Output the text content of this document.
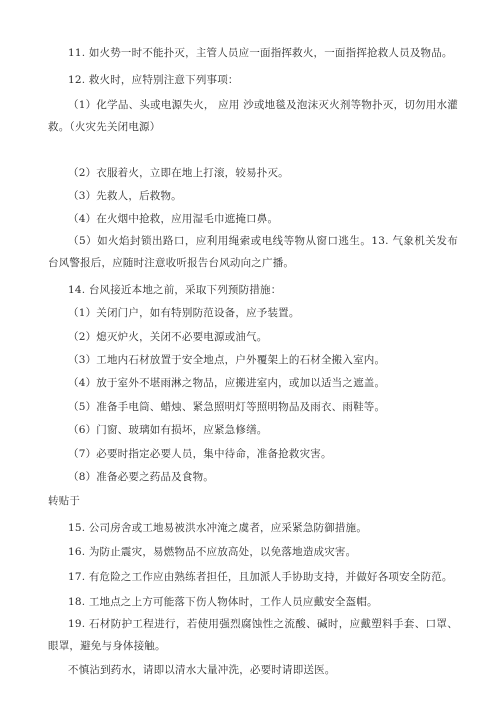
11. 如火势一时不能扑灭，主管人员应一面指挥救火，一面指挥抢救人员及物品。
12. 救火时，应特别注意下列事项：
（1）化学品、头或电源失火， 应用 沙或地毯及泡沫灭火剂等物扑灭，切勿用水灌救。（火灾先关闭电源）
（2）衣服着火，立即在地上打滚，较易扑灭。
（3）先救人，后救物。
（4）在火烟中抢救，应用湿毛巾遮掩口鼻。
（5）如火焰封锁出路口，应利用绳索或电线等物从窗口逃生。13. 气象机关发布台风警报后，应随时注意收听报告台风动向之广播。
14. 台风接近本地之前，采取下列预防措施：
（1）关闭门户，如有特别防范设备，应予装置。
（2）熄灭炉火，关闭不必要电源或油气。
（3）工地内石材放置于安全地点，户外覆架上的石材全搬入室内。
（4）放于室外不堪雨淋之物品，应搬进室内，或加以适当之遮盖。
（5）准备手电筒、蜡烛、紧急照明灯等照明物品及雨衣、雨鞋等。
（6）门窗、玻璃如有损坏，应紧急修缮。
（7）必要时指定必要人员，集中待命，准备抢救灾害。
（8）准备必要之药品及食物。
转贴于
15. 公司房舍或工地易被洪水冲淹之虞者，应采紧急防御措施。
16. 为防止震灾，易燃物品不应放高处，以免落地造成灾害。
17. 有危险之工作应由熟练者担任，且加派人手协助支持，并做好各项安全防范。
18. 工地点之上方可能落下伤人物体时，工作人员应戴安全盔帽。
19. 石材防护工程进行，若使用强烈腐蚀性之流酸、碱时，应戴塑料手套、口罩、眼罩，避免与身体接触。
不慎沾到药水，请即以清水大量冲洗，必要时请即送医。
